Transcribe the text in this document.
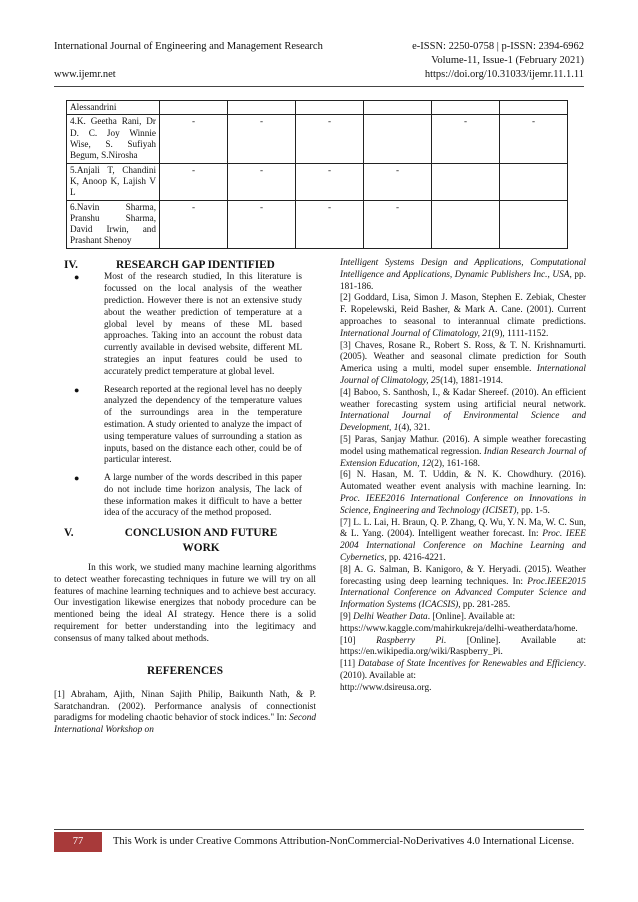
International Journal of Engineering and Management Research	e-ISSN: 2250-0758 | p-ISSN: 2394-6962
Volume-11, Issue-1 (February 2021)
www.ijemr.net	https://doi.org/10.31033/ijemr.11.1.11
Alessandrini						
4.K. Geetha Rani, Dr D. C. Joy Winnie Wise, S. Sufiyah Begum, S.Nirosha	-	-	-		-	-
5.Anjali T, Chandini K, Anoop K, Lajish V L	-	-	-	-		
6.Navin Sharma, Pranshu Sharma, David Irwin, and Prashant Shenoy	-	-	-	-		
IV.	RESEARCH GAP IDENTIFIED
●	Most of the research studied, In this literature is focussed on the local analysis of the weather prediction. However there is not an extensive study about the weather prediction of temperature at a global level by means of these ML based approaches. Taking into an account the robust data currently available in devised website, different ML strategies an input features could be used to accurately predict temperature at global level.
●	Research reported at the regional level has no deeply analyzed the dependency of the temperature values of the surroundings area in the temperature estimation. A study oriented to analyze the impact of using temperature values of surrounding a station as inputs, based on the distance each other, could be of particular interest.
●	A large number of the words described in this paper do not include time horizon analysis, The lack of these information makes it difficult to have a better idea of the accuracy of the method proposed.
V.	CONCLUSION AND FUTURE
WORK

In this work, we studied many machine learning algorithms to detect weather forecasting techniques in future we will try on all features of machine learning techniques and to achieve best accuracy. Our investigation likewise energizes that nobody procedure can be mentioned being the ideal AI strategy. Hence there is a solid requirement for better understanding into the legitimacy and consensus of many talked about methods.

REFERENCES

[1] Abraham, Ajith, Ninan Sajith Philip, Baikunth Nath, & P. Saratchandran. (2002). Performance analysis of connectionist paradigms for modeling chaotic behavior of stock indices." In: Second International Workshop on

Intelligent Systems Design and Applications, Computational Intelligence and Applications, Dynamic Publishers Inc., USA, pp. 181-186.

[2] Goddard, Lisa, Simon J. Mason, Stephen E. Zebiak, Chester F. Ropelewski, Reid Basher, & Mark A. Cane. (2001). Current approaches to seasonal to interannual climate predictions. International Journal of Climatology, 21(9), 1111-1152.

[3] Chaves, Rosane R., Robert S. Ross, & T. N. Krishnamurti. (2005). Weather and seasonal climate prediction for South America using a multi, model super ensemble. International Journal of Climatology, 25(14), 1881-1914.

[4] Baboo, S. Santhosh, I., & Kadar Shereef. (2010). An efficient weather forecasting system using artificial neural network. International Journal of Environmental Science and Development, 1(4), 321.

[5] Paras, Sanjay Mathur. (2016). A simple weather forecasting model using mathematical regression. Indian Research Journal of Extension Education, 12(2), 161-168.

[6] N. Hasan, M. T. Uddin, & N. K. Chowdhury. (2016). Automated weather event analysis with machine learning. In: Proc. IEEE2016 International Conference on Innovations in Science, Engineering and Technology (ICISET), pp. 1-5.

[7] L. L. Lai, H. Braun, Q. P. Zhang, Q. Wu, Y. N. Ma, W. C. Sun, & L. Yang. (2004). Intelligent weather forecast. In: Proc. IEEE 2004 International Conference on Machine Learning and Cybernetics, pp. 4216-4221.

[8] A. G. Salman, B. Kanigoro, & Y. Heryadi. (2015). Weather forecasting using deep learning techniques. In: Proc.IEEE2015 International Conference on Advanced Computer Science and Information Systems (ICACSIS), pp. 281-285.

[9] Delhi Weather Data. [Online]. Available at:
https://www.kaggle.com/mahirkukreja/delhi-weatherdata/home.

[10] Raspberry Pi. [Online]. Available at: https://en.wikipedia.org/wiki/Raspberry_Pi.

[11] Database of State Incentives for Renewables and Efficiency. (2010). Available at:
http://www.dsireusa.org.

77	This Work is under Creative Commons Attribution-NonCommercial-NoDerivatives 4.0 International License.
